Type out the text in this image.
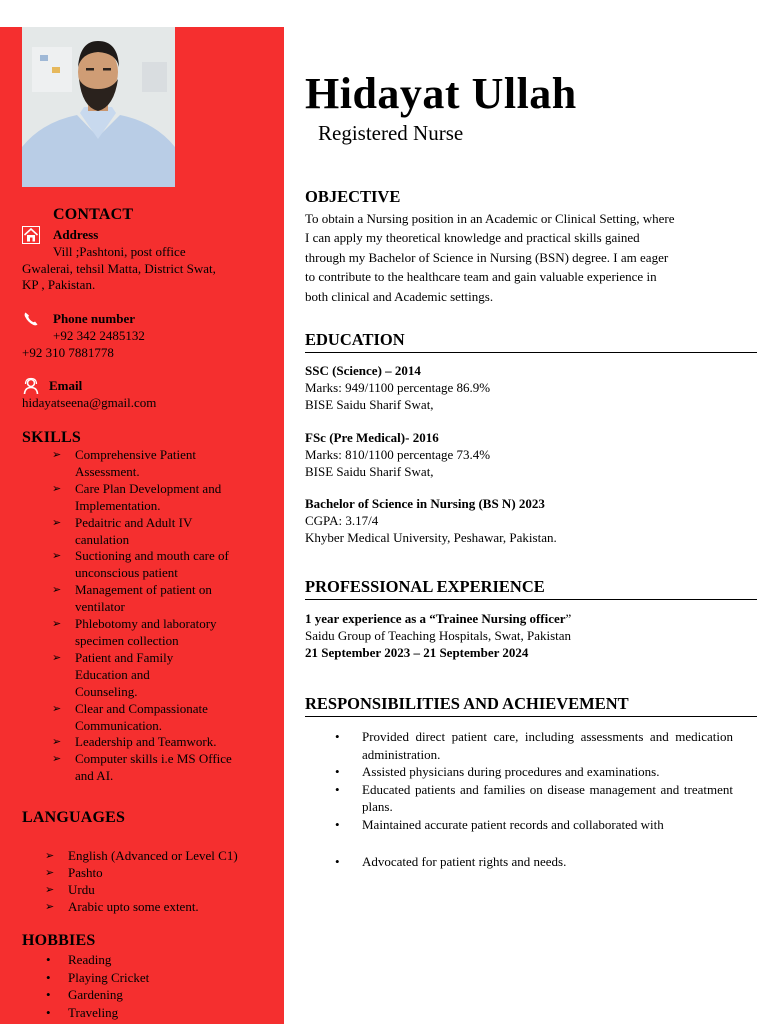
CONTACT
Address
Vill ;Pashtoni, post office
Gwalerai, tehsil Matta, District Swat,
KP , Pakistan.
Phone number
+92 342 2485132
+92 310 7881778
Email
hidayatseena@gmail.com
SKILLS
➢ Comprehensive Patient
Assessment.
➢ Care Plan Development and
Implementation.
➢ Pedaitric and Adult IV
canulation
➢ Suctioning and mouth care of
unconscious patient
➢ Management of patient on
ventilator
➢ Phlebotomy and laboratory
specimen collection
➢ Patient and Family
Education and
Counseling.
➢ Clear and Compassionate
Communication.
➢ Leadership and Teamwork.
➢ Computer skills i.e MS Office
and AI.
LANGUAGES
➢ English (Advanced or Level C1)
➢ Pashto
➢ Urdu
➢ Arabic upto some extent.
HOBBIES
• Reading
• Playing Cricket
• Gardening
• Traveling
Hidayat Ullah
Registered Nurse
OBJECTIVE
To obtain a Nursing position in an Academic or Clinical Setting, where
I can apply my theoretical knowledge and practical skills gained
through my Bachelor of Science in Nursing (BSN) degree. I am eager
to contribute to the healthcare team and gain valuable experience in
both clinical and Academic settings.
EDUCATION
SSC (Science) – 2014
Marks: 949/1100 percentage 86.9%
BISE Saidu Sharif Swat,
FSc (Pre Medical)- 2016
Marks: 810/1100 percentage 73.4%
BISE Saidu Sharif Swat,
Bachelor of Science in Nursing (BS N) 2023
CGPA: 3.17/4
Khyber Medical University, Peshawar, Pakistan.
PROFESSIONAL EXPERIENCE
1 year experience as a “Trainee Nursing officer”
Saidu Group of Teaching Hospitals, Swat, Pakistan
21 September 2023 – 21 September 2024
RESPONSIBILITIES AND ACHIEVEMENT
• Provided direct patient care, including assessments and medication administration.
• Assisted physicians during procedures and examinations.
• Educated patients and families on disease management and treatment plans.
• Maintained accurate patient records and collaborated with
• Advocated for patient rights and needs.
